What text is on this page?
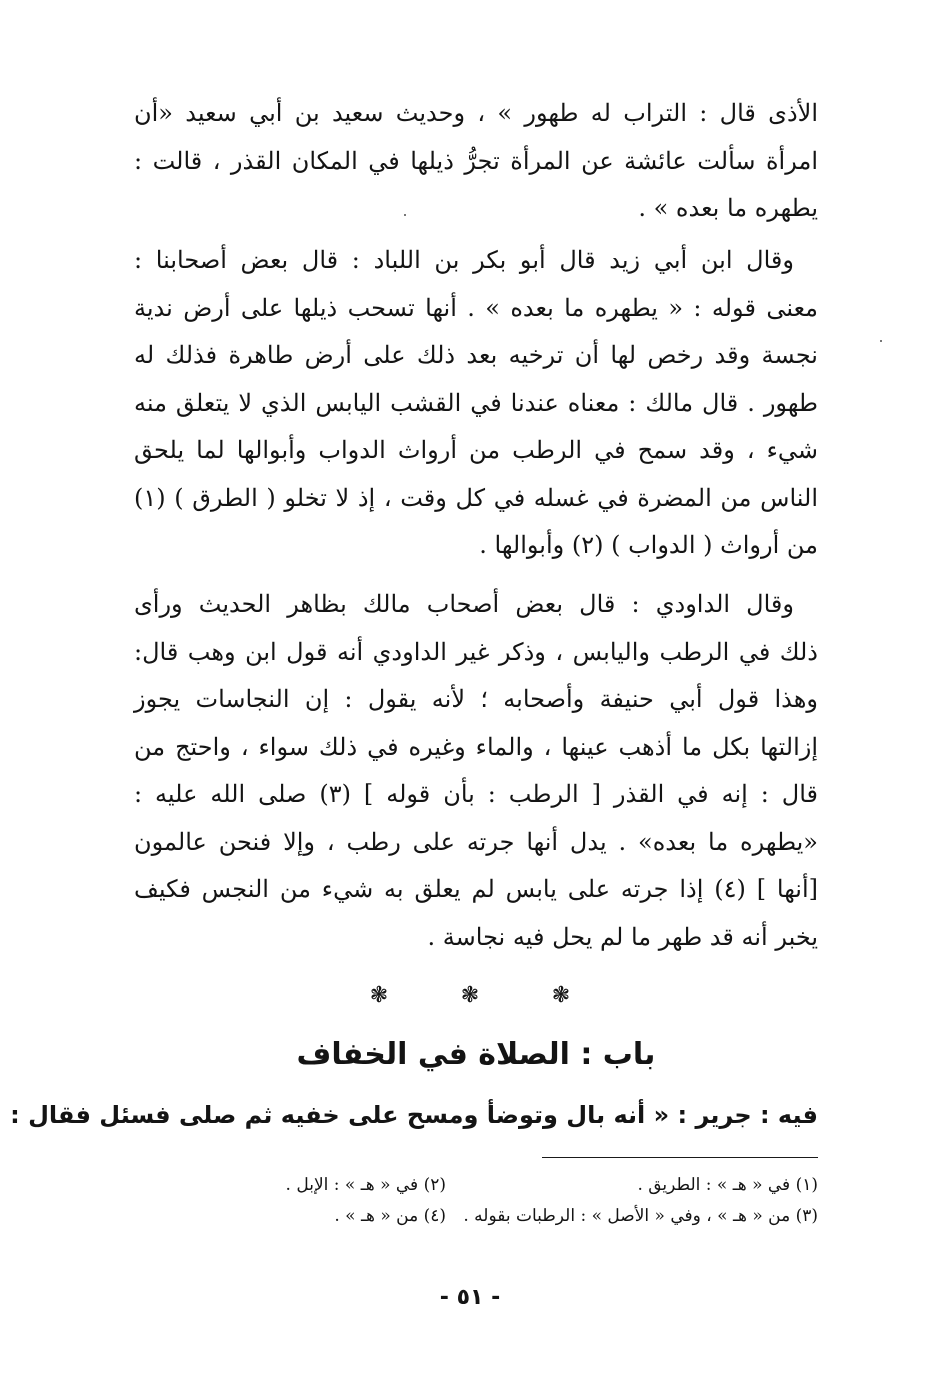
الأذى قال : التراب له طهور » ، وحديث سعيد بن أبي سعيد «أن
امرأة سألت عائشة عن المرأة تجرُّ ذيلها في المكان القذر ، قالت :
يطهره ما بعده » .
وقال ابن أبي زيد قال أبو بكر بن اللباد : قال بعض أصحابنا :
معنى قوله : « يطهره ما بعده » . أنها تسحب ذيلها على أرض ندية
نجسة وقد رخص لها أن ترخيه بعد ذلك على أرض طاهرة فذلك له
طهور . قال مالك : معناه عندنا في القشب اليابس الذي لا يتعلق منه
شيء ، وقد سمح في الرطب من أرواث الدواب وأبوالها لما يلحق
الناس من المضرة في غسله في كل وقت ، إذ لا تخلو ( الطرق ) (١)
من أرواث ( الدواب ) (٢) وأبوالها .
وقال الداودي : قال بعض أصحاب مالك بظاهر الحديث ورأى
ذلك في الرطب واليابس ، وذكر غير الداودي أنه قول ابن وهب قال:
وهذا قول أبي حنيفة وأصحابه ؛ لأنه يقول : إن النجاسات يجوز
إزالتها بكل ما أذهب عينها ، والماء وغيره في ذلك سواء ، واحتج من
قال : إنه في القذر [ الرطب : بأن قوله ] (٣) صلى الله عليه :
«يطهره ما بعده» . يدل أنها جرته على رطب ، وإلا فنحن عالمون
[أنها ] (٤) إذا جرته على يابس لم يعلق به شيء من النجس فكيف
يخبر أنه قد طهر ما لم يحل فيه نجاسة .
❃	❃	❃
باب : الصلاة في الخفاف

فيه : جرير : « أنه بال وتوضأ ومسح على خفيه ثم صلى فسئل فقال :

(١) في « هـ » : الطريق .
(٢) في « هـ » : الإبل .
(٣) من « هـ » ، وفي « الأصل » : الرطبات بقوله .
(٤) من « هـ » .
- ٥١ -
